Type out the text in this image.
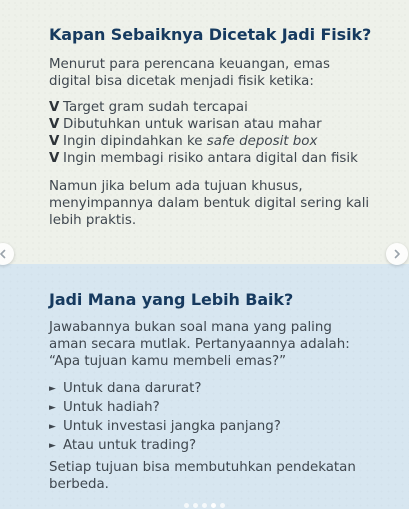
Kapan Sebaiknya Dicetak Jadi Fisik?
Menurut para perencana keuangan, emas
digital bisa dicetak menjadi fisik ketika:
V Target gram sudah tercapai
V Dibutuhkan untuk warisan atau mahar
V Ingin dipindahkan ke safe deposit box
V Ingin membagi risiko antara digital dan fisik
Namun jika belum ada tujuan khusus,
menyimpannya dalam bentuk digital sering kali
lebih praktis.
Jadi Mana yang Lebih Baik?
Jawabannya bukan soal mana yang paling
aman secara mutlak. Pertanyaannya adalah:
“Apa tujuan kamu membeli emas?”
► Untuk dana darurat?
► Untuk hadiah?
► Untuk investasi jangka panjang?
► Atau untuk trading?
Setiap tujuan bisa membutuhkan pendekatan
berbeda.
